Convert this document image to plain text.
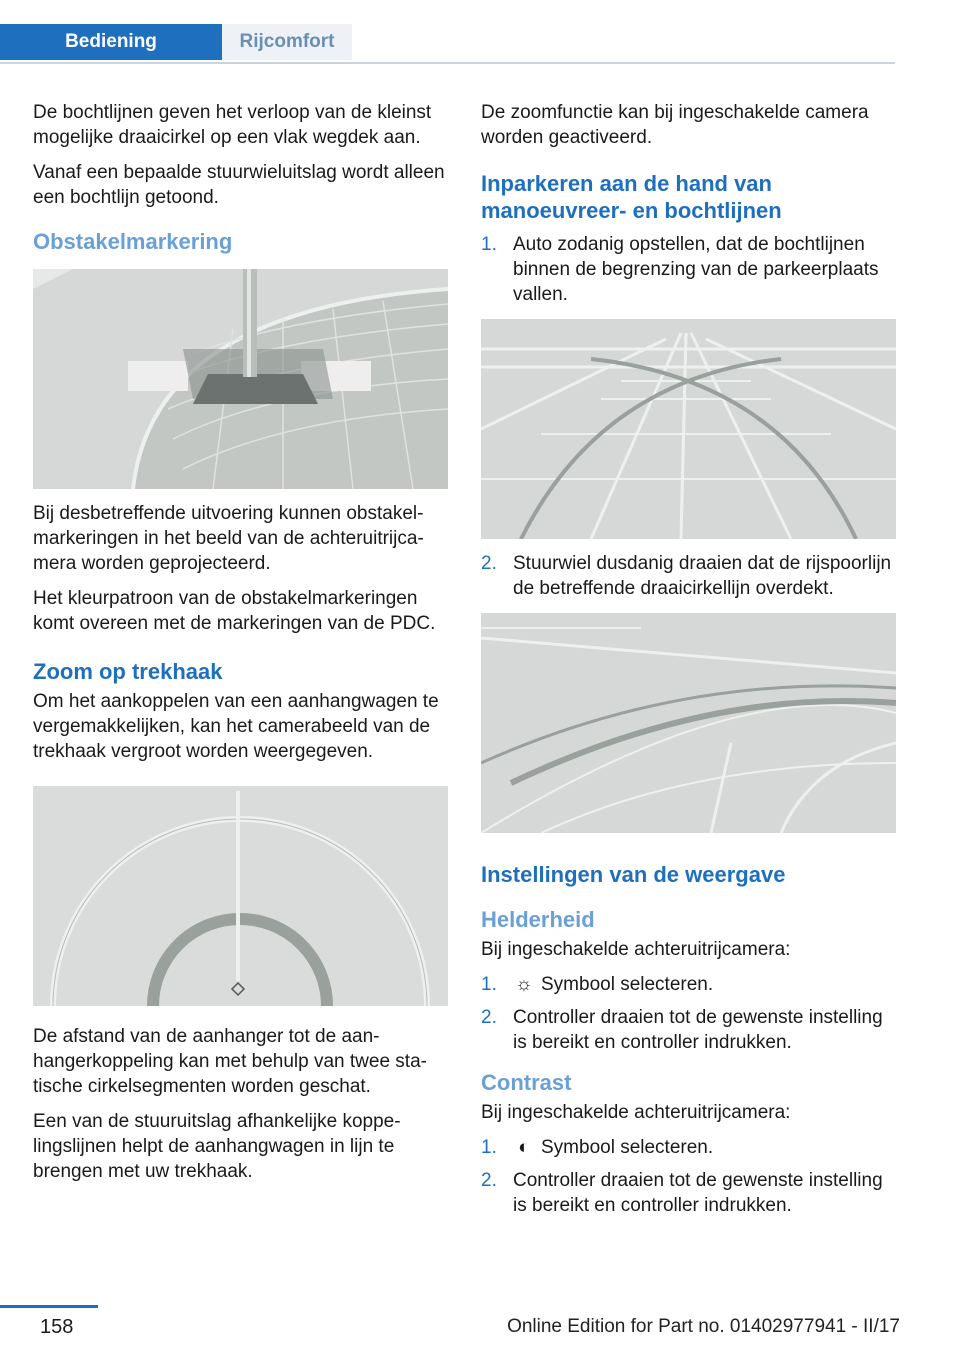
Bediening	Rijcomfort

De bochtlijnen geven het verloop van de kleinst mogelijke draaicirkel op een vlak wegdek aan.

Vanaf een bepaalde stuurwieluitslag wordt alleen een bochtlijn getoond.

Obstakelmarkering

Bij desbetreffende uitvoering kunnen obstakelmarkeringen in het beeld van de achteruitrijcamera worden geprojecteerd.

Het kleurpatroon van de obstakelmarkeringen komt overeen met de markeringen van de PDC.

Zoom op trekhaak

Om het aankoppelen van een aanhangwagen te vergemakkelijken, kan het camerabeeld van de trekhaak vergroot worden weergegeven.

De afstand van de aanhanger tot de aanhangerkoppeling kan met behulp van twee statische cirkelsegmenten worden geschat.

Een van de stuuruitslag afhankelijke koppelingslijnen helpt de aanhangwagen in lijn te brengen met uw trekhaak.

De zoomfunctie kan bij ingeschakelde camera worden geactiveerd.

Inparkeren aan de hand van manoeuvreer- en bochtlijnen
1. Auto zodanig opstellen, dat de bochtlijnen binnen de begrenzing van de parkeerplaats vallen.
2. Stuurwiel dusdanig draaien dat de rijspoorlijn de betreffende draaicirkellijn overdekt.
Instellingen van de weergave
Helderheid

Bij ingeschakelde achteruitrijcamera:

1. ☼ Symbool selecteren.
2. Controller draaien tot de gewenste instelling is bereikt en controller indrukken.
Contrast

Bij ingeschakelde achteruitrijcamera:

1. ◐ Symbool selecteren.
2. Controller draaien tot de gewenste instelling is bereikt en controller indrukken.
158	Online Edition for Part no. 01402977941 - II/17
